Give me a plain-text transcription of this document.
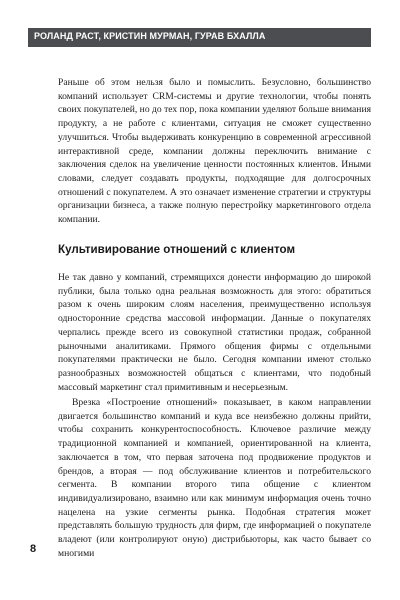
РОЛАНД РАСТ, КРИСТИН МУРМАН, ГУРАВ БХАЛЛА

Раньше об этом нельзя было и помыслить. Безусловно, большинство компаний использует CRM-системы и другие технологии, чтобы понять своих покупателей, но до тех пор, пока компании уделяют больше внимания продукту, а не работе с клиентами, ситуация не сможет существенно улучшиться. Чтобы выдерживать конкуренцию в современной агрессивной интерактивной среде, компании должны переключить внимание с заключения сделок на увеличение ценности постоянных клиентов. Иными словами, следует создавать продукты, подходящие для долгосрочных отношений с покупателем. А это означает изменение стратегии и структуры организации бизнеса, а также полную перестройку маркетингового отдела компании.

Культивирование отношений с клиентом

Не так давно у компаний, стремящихся донести информацию до широкой публики, была только одна реальная возможность для этого: обратиться разом к очень широким слоям населения, преимущественно используя односторонние средства массовой информации. Данные о покупателях черпались прежде всего из совокупной статистики продаж, собранной рыночными аналитиками. Прямого общения фирмы с отдельными покупателями практически не было. Сегодня компании имеют столько разнообразных возможностей общаться с клиентами, что подобный массовый маркетинг стал примитивным и несерьезным.

Врезка «Построение отношений» показывает, в каком направлении двигается большинство компаний и куда все неизбежно должны прийти, чтобы сохранить конкурентоспособность. Ключевое различие между традиционной компанией и компанией, ориентированной на клиента, заключается в том, что первая заточена под продвижение продуктов и брендов, а вторая — под обслуживание клиентов и потребительского сегмента. В компании второго типа общение с клиентом индивидуализировано, взаимно или как минимум информация очень точно нацелена на узкие сегменты рынка. Подобная стратегия может представлять большую трудность для фирм, где информацией о покупателе владеют (или контролируют оную) дистрибьюторы, как часто бывает со многими

8
